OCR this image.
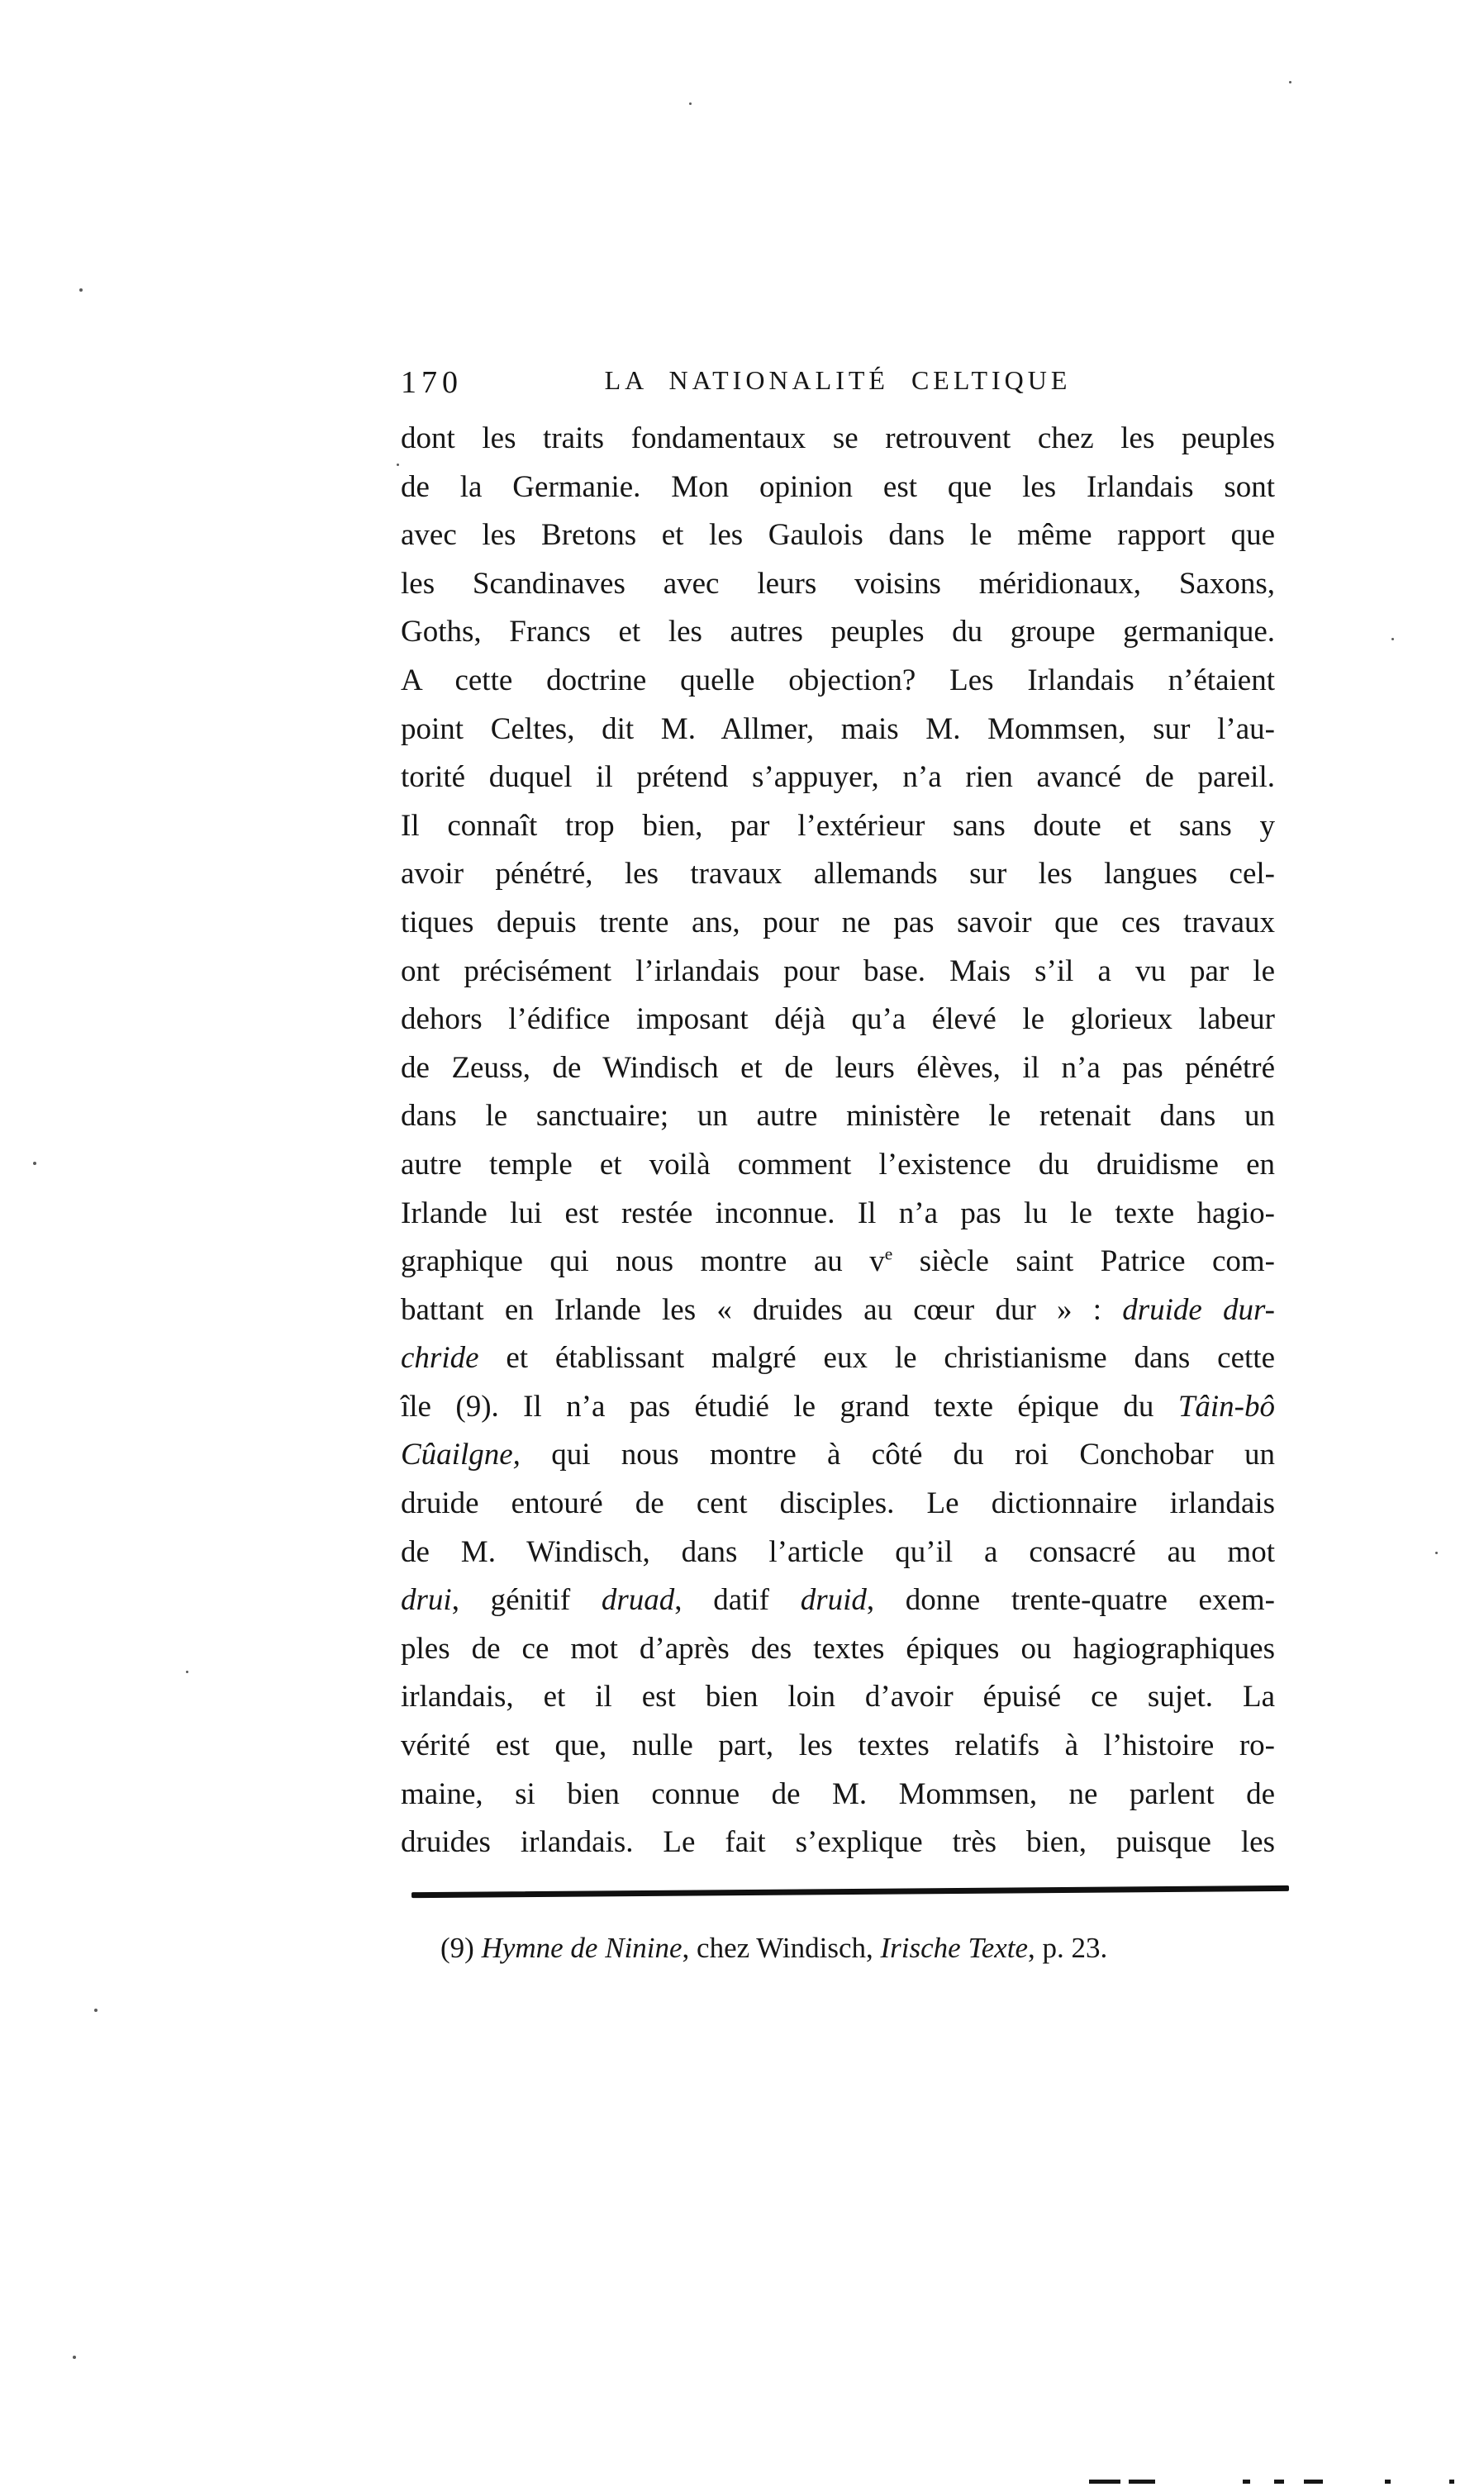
170	LA NATIONALITÉ CELTIQUE
dont les traits fondamentaux se retrouvent chez les peuples
de la Germanie. Mon opinion est que les Irlandais sont
avec les Bretons et les Gaulois dans le même rapport que
les Scandinaves avec leurs voisins méridionaux, Saxons,
Goths, Francs et les autres peuples du groupe germanique.
A cette doctrine quelle objection? Les Irlandais n’étaient
point Celtes, dit M. Allmer, mais M. Mommsen, sur l’au-
torité duquel il prétend s’appuyer, n’a rien avancé de pareil.
Il connaît trop bien, par l’extérieur sans doute et sans y
avoir pénétré, les travaux allemands sur les langues cel-
tiques depuis trente ans, pour ne pas savoir que ces travaux
ont précisément l’irlandais pour base. Mais s’il a vu par le
dehors l’édifice imposant déjà qu’a élevé le glorieux labeur
de Zeuss, de Windisch et de leurs élèves, il n’a pas pénétré
dans le sanctuaire; un autre ministère le retenait dans un
autre temple et voilà comment l’existence du druidisme en
Irlande lui est restée inconnue. Il n’a pas lu le texte hagio-
graphique qui nous montre au $v^e$ siècle saint Patrice com-
battant en Irlande les « druides au cœur dur » : druide dur-
chride et établissant malgré eux le christianisme dans cette
île (9). Il n’a pas étudié le grand texte épique du Tâin-bô
Cûailgne, qui nous montre à côté du roi Conchobar un
druide entouré de cent disciples. Le dictionnaire irlandais
de M. Windisch, dans l’article qu’il a consacré au mot
drui, génitif druad, datif druid, donne trente-quatre exem-
ples de ce mot d’après des textes épiques ou hagiographiques
irlandais, et il est bien loin d’avoir épuisé ce sujet. La
vérité est que, nulle part, les textes relatifs à l’histoire ro-
maine, si bien connue de M. Mommsen, ne parlent de
druides irlandais. Le fait s’explique très bien, puisque les
(9) Hymne de Ninine, chez Windisch, Irische Texte, p. 23.
